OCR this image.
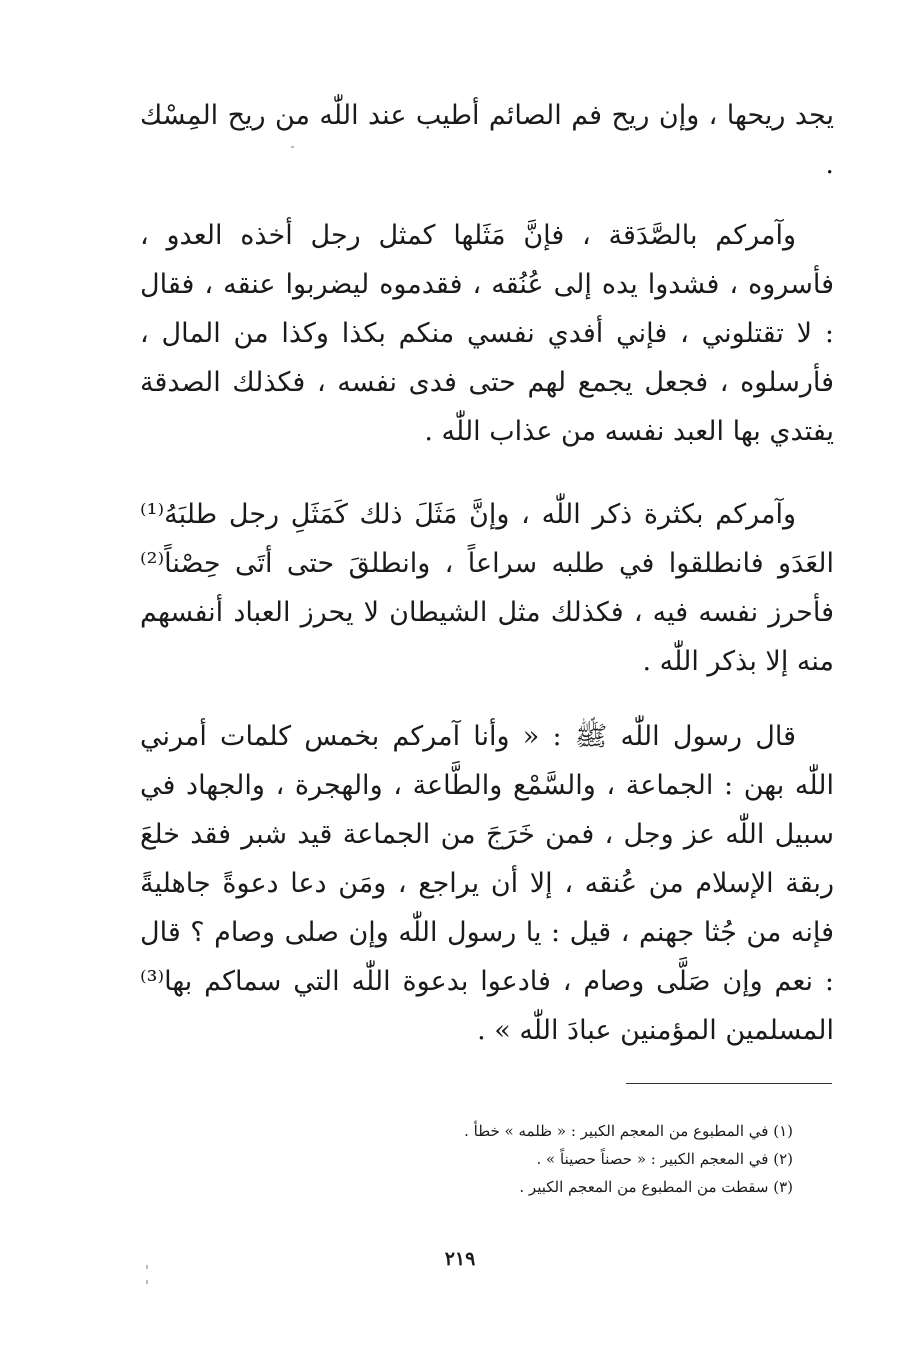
يجد ريحها ، وإن ريح فم الصائم أطيب عند اللّٰه من ريح المِسْك .

وآمركم بالصَّدَقة ، فإنَّ مَثَلها كمثل رجل أخذه العدو ، فأسروه ، فشدوا يده إلى عُنُقه ، فقدموه ليضربوا عنقه ، فقال : لا تقتلوني ، فإني أفدي نفسي منكم بكذا وكذا من المال ، فأرسلوه ، فجعل يجمع لهم حتى فدى نفسه ، فكذلك الصدقة يفتدي بها العبد نفسه من عذاب اللّٰه .

وآمركم بكثرة ذكر اللّٰه ، وإنَّ مَثَلَ ذلك كَمَثَلِ رجل طلبَهُ⁽¹⁾ العَدَو فانطلقوا في طلبه سراعاً ، وانطلقَ حتى أتَى حِصْناً⁽²⁾ فأحرز نفسه فيه ، فكذلك مثل الشيطان لا يحرز العباد أنفسهم منه إلا بذكر اللّٰه .

قال رسول اللّٰه ﷺ : « وأنا آمركم بخمس كلمات أمرني اللّٰه بهن : الجماعة ، والسَّمْع والطَّاعة ، والهجرة ، والجهاد في سبيل اللّٰه عز وجل ، فمن خَرَجَ من الجماعة قيد شبر فقد خلعَ ربقة الإسلام من عُنقه ، إلا أن يراجع ، ومَن دعا دعوةً جاهليةً فإنه من جُثا جهنم ، قيل : يا رسول اللّٰه وإن صلى وصام ؟ قال : نعم وإن صَلَّى وصام ، فادعوا بدعوة اللّٰه التي سماكم بها⁽³⁾ المسلمين المؤمنين عبادَ اللّٰه » .

(١) في المطبوع من المعجم الكبير : « ظلمه » خطأ .

(٢) في المعجم الكبير : « حصناً حصيناً » .

(٣) سقطت من المطبوع من المعجم الكبير .

٢١٩
